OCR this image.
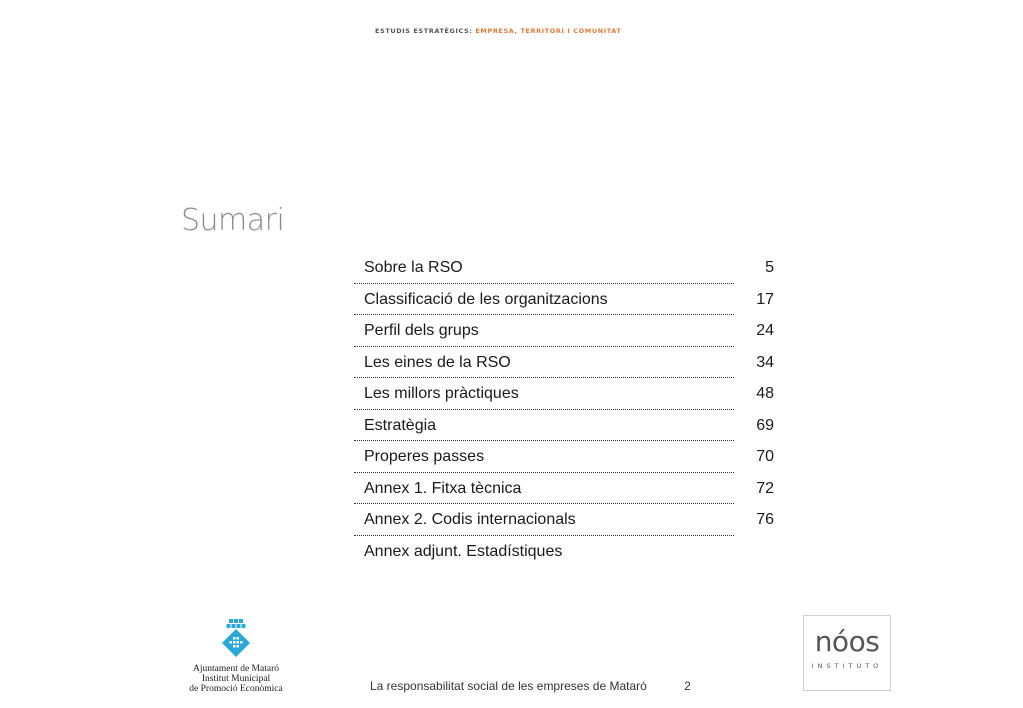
ESTUDIS ESTRATÈGICS: EMPRESA, TERRITORI I COMUNITAT
Sumari
Sobre la RSO	5
Classificació de les organitzacions	17
Perfil dels grups	24
Les eines de la RSO	34
Les millors pràctiques	48
Estratègia	69
Properes passes	70
Annex 1. Fitxa tècnica	72
Annex 2. Codis internacionals	76
Annex adjunt. Estadístiques
Ajuntament de Mataró
Institut Municipal
de Promoció Econòmica	La responsabilitat social de les empreses de Mataró	2
nóos
INSTITUTO
